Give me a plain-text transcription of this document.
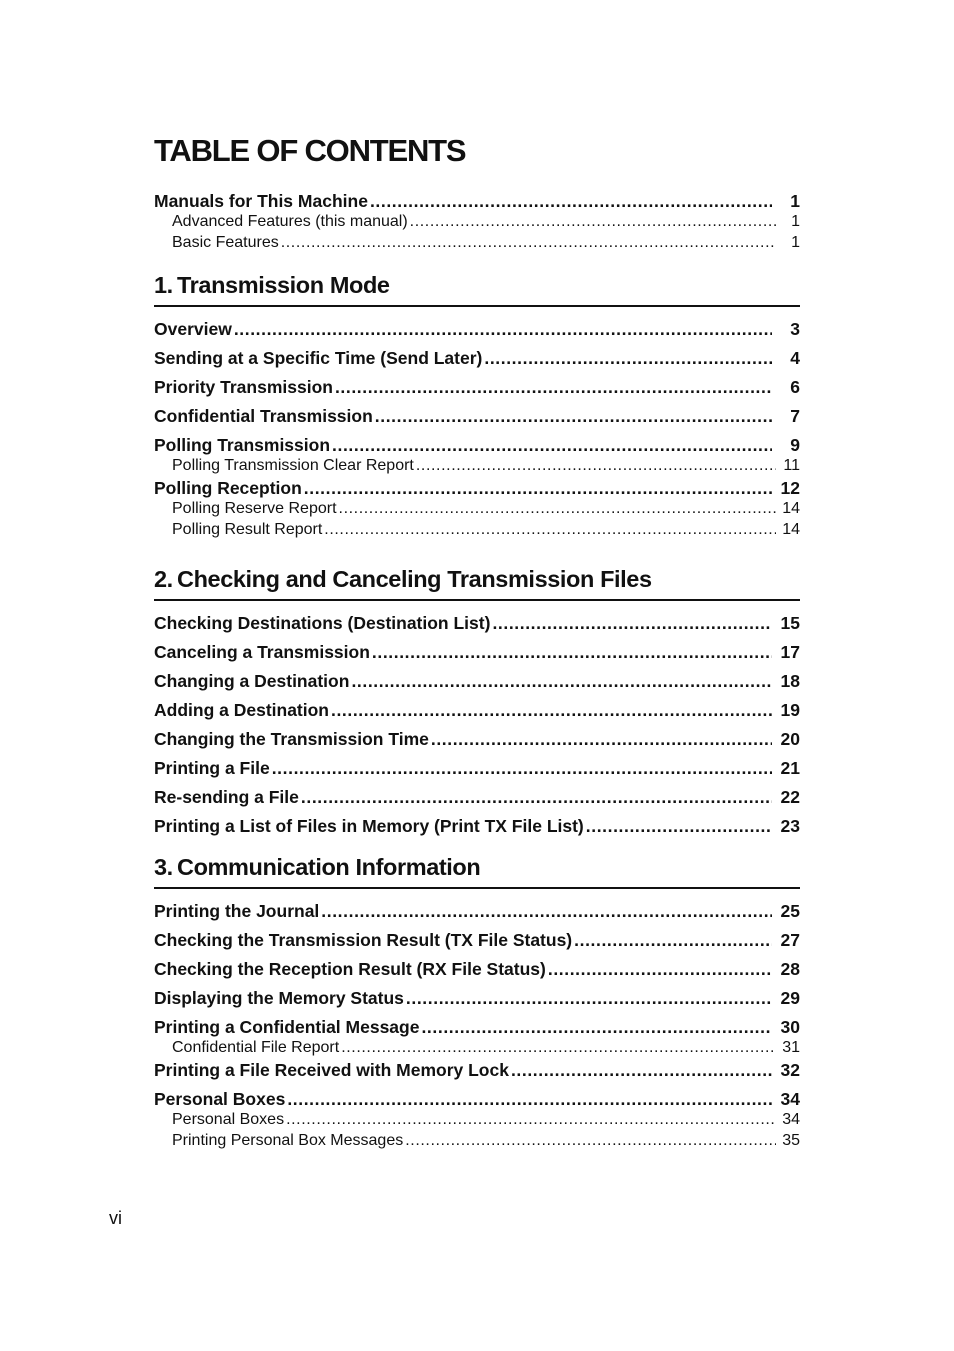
TABLE OF CONTENTS
Manuals for This Machine .....	1
Advanced Features (this manual) .....	1
Basic Features .....	1
1. Transmission Mode
Overview .....	3
Sending at a Specific Time (Send Later) .....	4
Priority Transmission .....	6
Confidential Transmission .....	7
Polling Transmission .....	9
Polling Transmission Clear Report .....	11
Polling Reception .....	12
Polling Reserve Report .....	14
Polling Result Report .....	14
2. Checking and Canceling Transmission Files
Checking Destinations (Destination List) .....	15
Canceling a Transmission .....	17
Changing a Destination .....	18
Adding a Destination .....	19
Changing the Transmission Time .....	20
Printing a File .....	21
Re-sending a File .....	22
Printing a List of Files in Memory (Print TX File List) .....	23
3. Communication Information
Printing the Journal .....	25
Checking the Transmission Result (TX File Status) .....	27
Checking the Reception Result (RX File Status) .....	28
Displaying the Memory Status .....	29
Printing a Confidential Message .....	30
Confidential File Report .....	31
Printing a File Received with Memory Lock .....	32
Personal Boxes .....	34
Personal Boxes .....	34
Printing Personal Box Messages .....	35
vi
